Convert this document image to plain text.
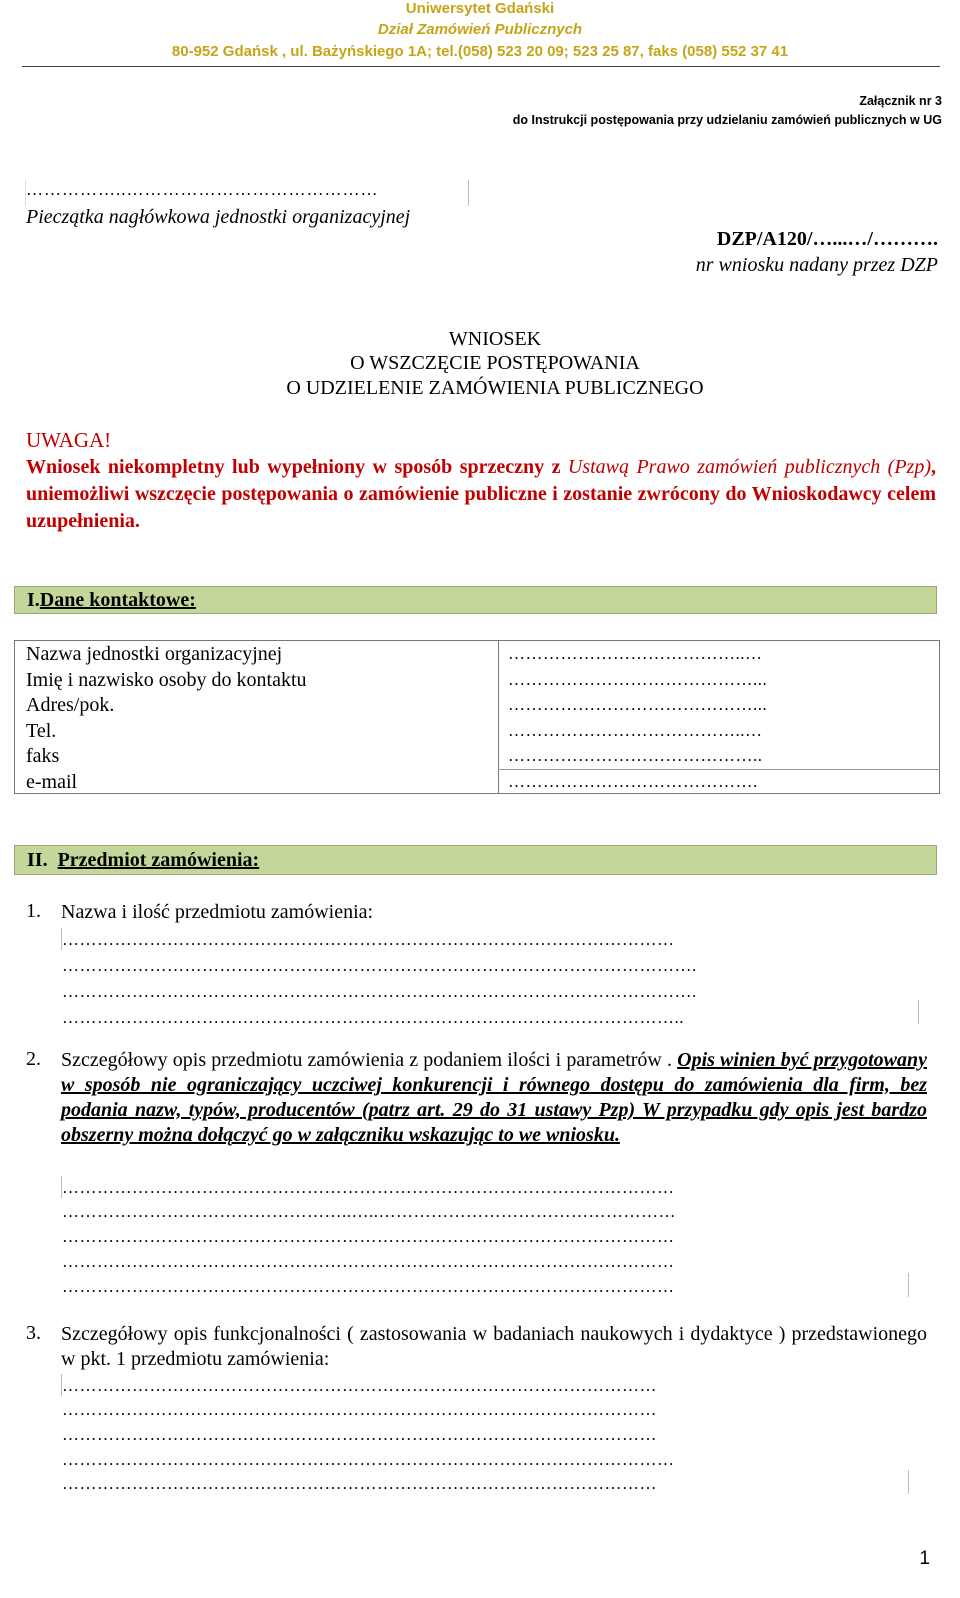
Uniwersytet Gdański
Dział Zamówień Publicznych
80-952 Gdańsk , ul. Bażyńskiego 1A; tel.(058) 523 20 09; 523 25 87, faks (058) 552 37 41
Załącznik nr 3
do Instrukcji postępowania przy udzielaniu zamówień publicznych w UG
……………..……………………………………
Pieczątka nagłówkowa jednostki organizacyjnej
DZP/A120/…...…/……….
nr wniosku nadany przez DZP
WNIOSEK
O WSZCZĘCIE POSTĘPOWANIA
O UDZIELENIE ZAMÓWIENIA PUBLICZNEGO
UWAGA!
Wniosek niekompletny lub wypełniony w sposób sprzeczny z Ustawą Prawo zamówień publicznych (Pzp), uniemożliwi wszczęcie postępowania o zamówienie publiczne i zostanie zwrócony do Wnioskodawcy celem uzupełnienia.
I.Dane kontaktowe:
Nazwa jednostki organizacyjnej
Imię i nazwisko osoby do kontaktu
Adres/pok.
Tel.
faks
e-mail
…………………………………..…
……………………………………...
……………………………………...
…………………………………..…
……………………………………..
…………………………………….
II. Przedmiot zamówienia:
1. Nazwa i ilość przedmiotu zamówienia:
……………………………………………………………………………………………
……………………………………………………………………………………………….
……………………………………………………………………………………………….
……………………………………………………………………………………………..
2. Szczegółowy opis przedmiotu zamówienia z podaniem ilości i parametrów . Opis winien być przygotowany w sposób nie ograniczający uczciwej konkurencji i równego dostępu do zamówienia dla firm, bez podania nazw, typów, producentów (patrz art. 29 do 31 ustawy Pzp) W przypadku gdy opis jest bardzo obszerny można dołączyć go w załączniku wskazując to we wniosku.
……………………………………………………………………………………………
…………………………………………..…..……………………………………………
……………………………………………………………………………………………
……………………………………………………………………………………………
……………………………………………………………………………………………
3. Szczegółowy opis funkcjonalności ( zastosowania w badaniach naukowych i dydaktyce ) przedstawionego w pkt. 1 przedmiotu zamówienia:
…………………………………………………………………………………………
…………………………………………………………………………………………
…………………………………………………………………………………………
……………………………………………………………………………………………
…………………………………………………………………………………………
1
